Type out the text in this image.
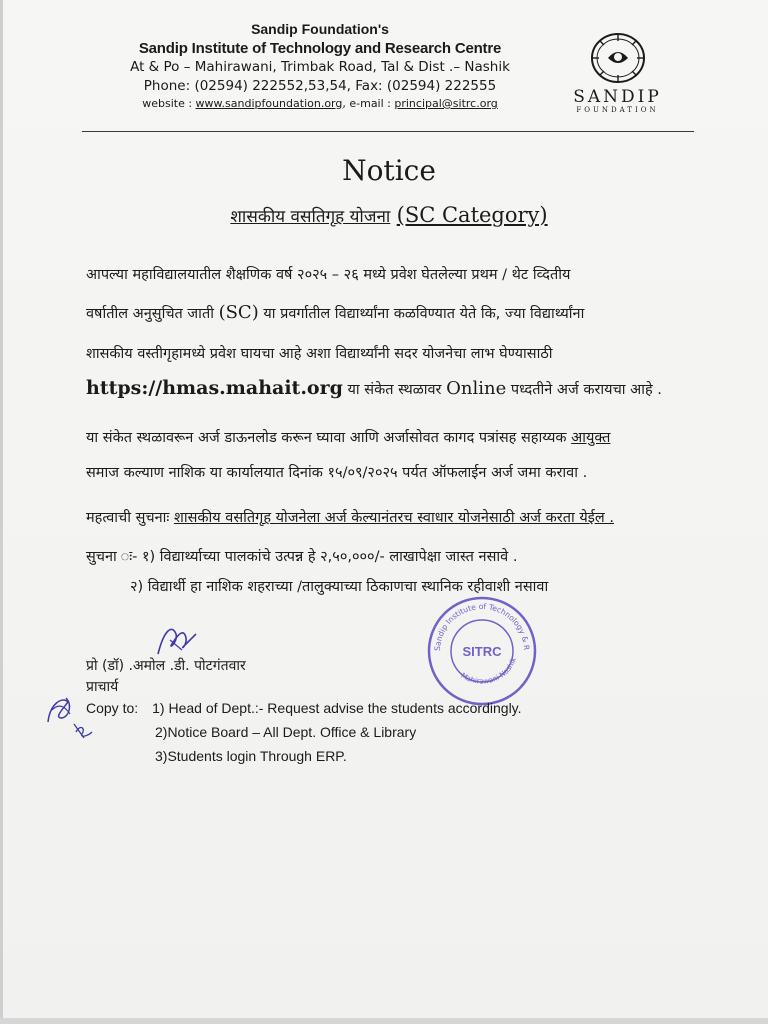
Sandip Foundation's
Sandip Institute of Technology and Research Centre
At & Po – Mahirawani, Trimbak Road, Tal & Dist .– Nashik
Phone: (02594) 222552,53,54, Fax: (02594) 222555
website : www.sandipfoundation.org, e-mail : principal@sitrc.org	SANDIP
FOUNDATION
Notice
शासकीय वसतिगृह योजना (SC Category)
आपल्या महाविद्यालयातील शैक्षणिक वर्ष २०२५ – २६ मध्ये प्रवेश घेतलेल्या प्रथम / थेट व्दितीय
वर्षातील अनुसुचित जाती (SC) या प्रवर्गातील विद्यार्थ्यांना कळविण्यात येते कि, ज्या विद्यार्थ्यांना
शासकीय वस्तीगृहामध्ये प्रवेश घायचा आहे अशा विद्यार्थ्यांनी सदर योजनेचा लाभ घेण्यासाठी
https://hmas.mahait.org या संकेत स्थळावर Online पध्दतीने अर्ज करायचा आहे .
या संकेत स्थळावरून अर्ज डाऊनलोड करून घ्यावा आणि अर्जासोवत कागद पत्रांसह सहाय्यक आयुक्त
समाज कल्याण नाशिक या कार्यालयात दिनांक १५/०९/२०२५ पर्यत ऑफलाईन अर्ज जमा करावा .
महत्वाची सुचनाः शासकीय वसतिगृह योजनेला अर्ज केल्यानंतरच स्वाधार योजनेसाठी अर्ज करता येईल .
सुचना ः- १) विद्यार्थ्याच्या पालकांचे उत्पन्न हे २,५०,०००/- लाखापेक्षा जास्त नसावे .
२) विद्यार्थी हा नाशिक शहराच्या /तालुक्याच्या ठिकाणचा स्थानिक रहीवाशी नसावा
प्रो (डॉ) .अमोल .डी. पोटगंतवार
प्राचार्य
Sandip Institute of Technology & R
Mahirawani Nashik
SITRC
Copy to: 1) Head of Dept.:- Request advise the students accordingly.
2)Notice Board – All Dept. Office & Library
3)Students login Through ERP.
